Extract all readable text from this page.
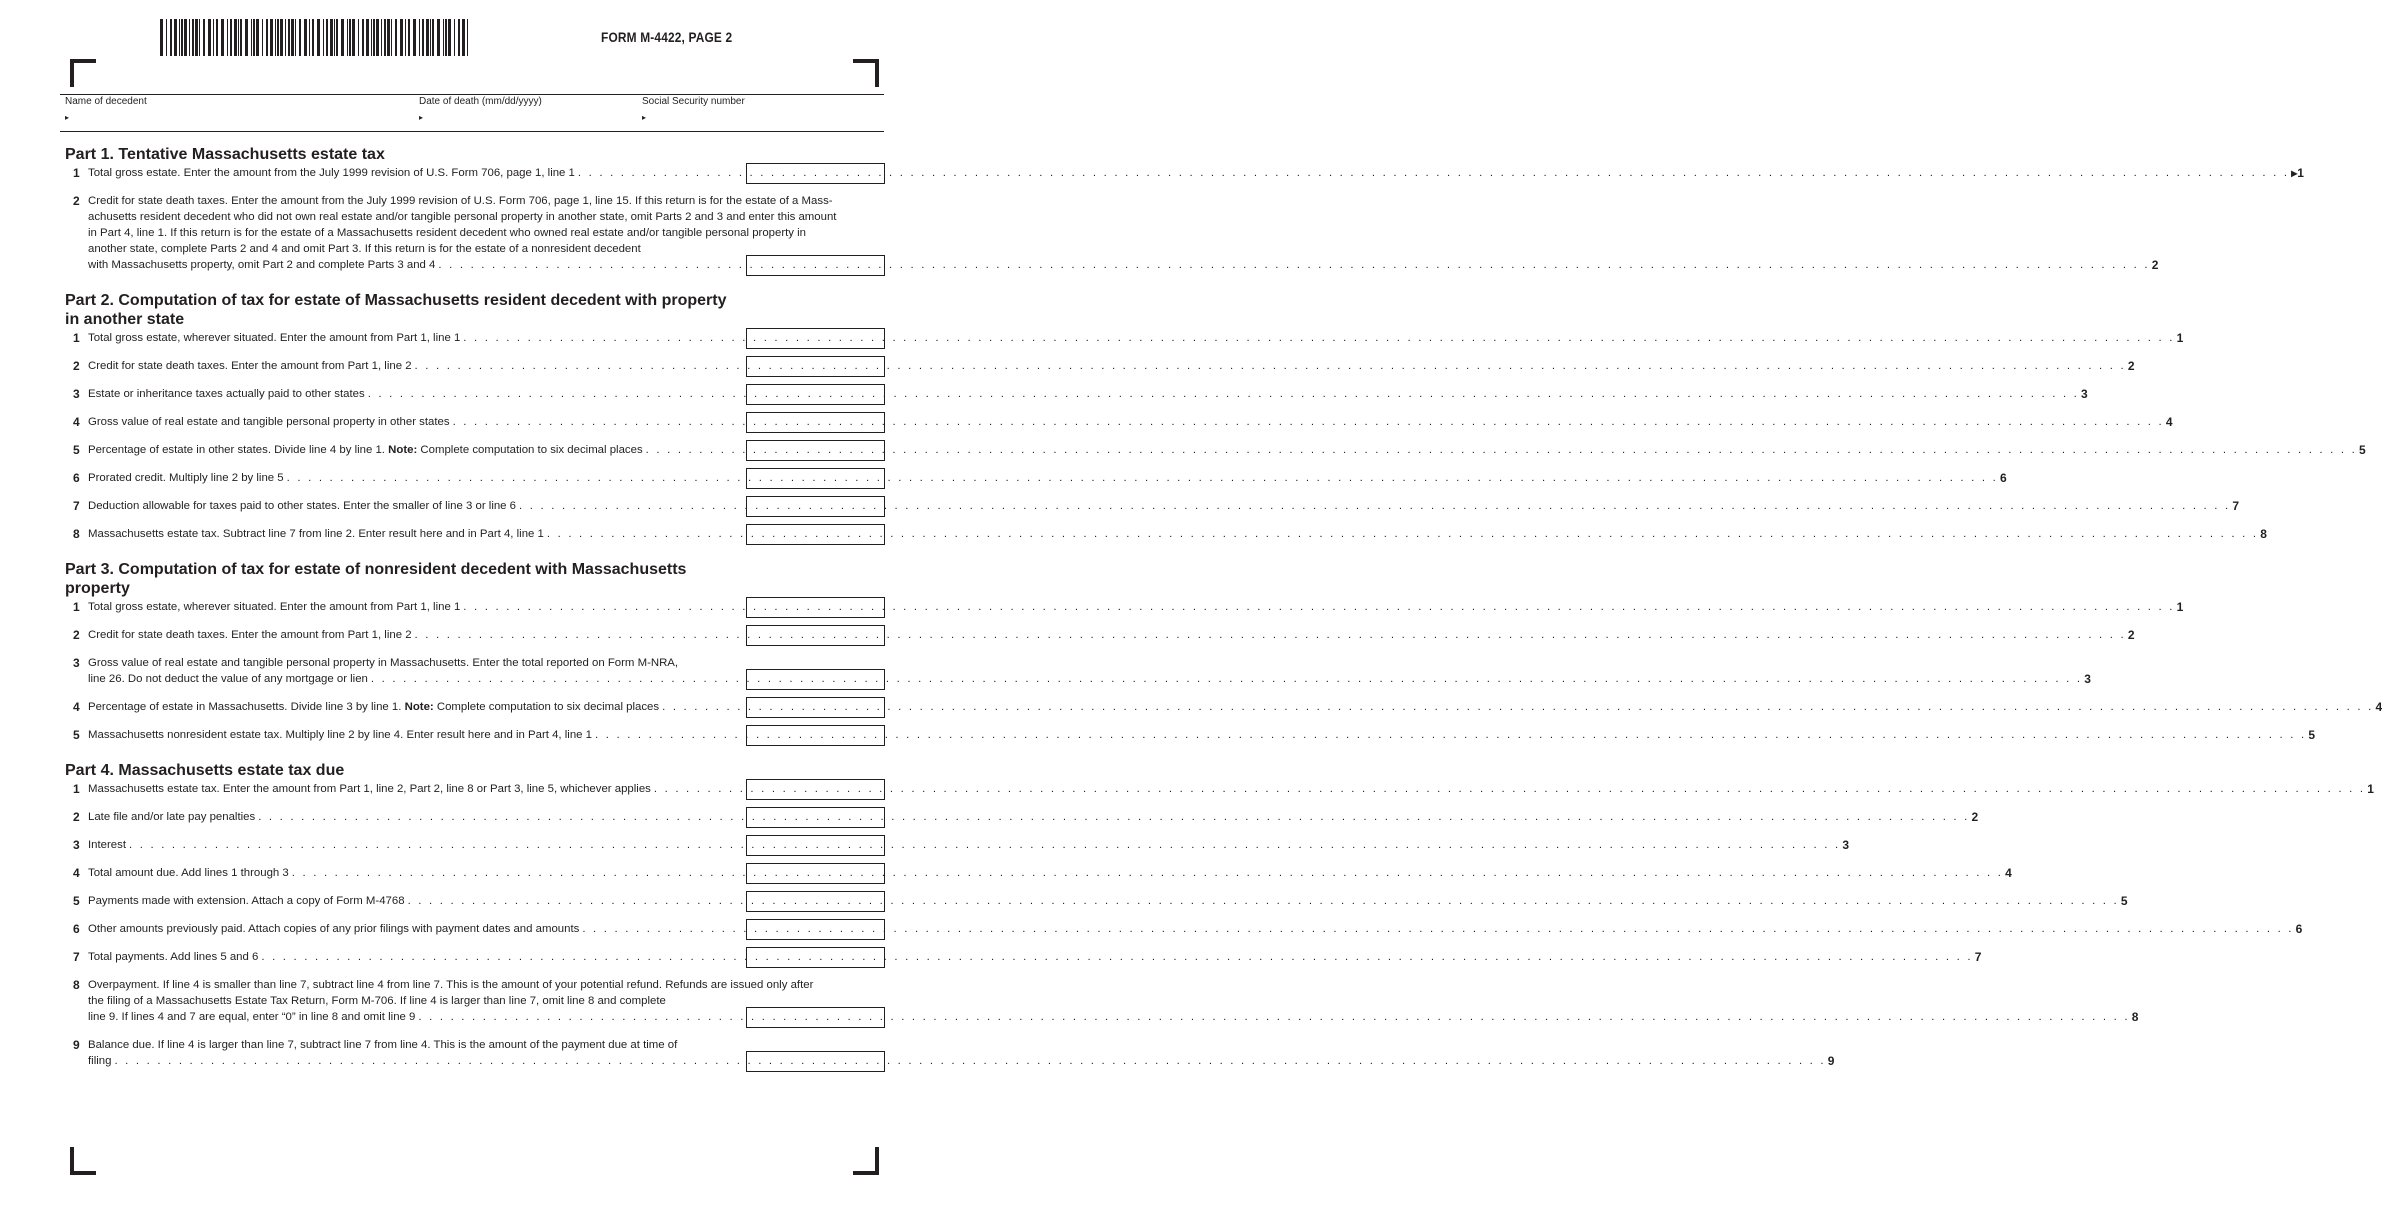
FORM M-4422, PAGE 2
Name of decedent
▸
Date of death (mm/dd/yyyy)
▸
Social Security number
▸
Part 1. Tentative Massachusetts estate tax
1 Total gross estate. Enter the amount from the July 1999 revision of U.S. Form 706, page 1, line 1 . . . . . . . . . . . . . . . . . . . . . . . . . . . . . . . . . . . . . . . . . . . . . . . . . . . . . . . . . . . . . . . . . . . . . . . . . . . . . . . . . . . . . . . . . . . . . . . . . . . . . . . . . . . . . . . . . . . . . . . . . . . . . . . . . . . . . . . . . . . . . . . . . . . . . . . . . . . . . . . . ▸1
2 Credit for state death taxes. Enter the amount from the July 1999 revision of U.S. Form 706, page 1, line 15. If this return is for the estate of a Mass-
achusetts resident decedent who did not own real estate and/or tangible personal property in another state, omit Parts 2 and 3 and enter this amount
in Part 4, line 1. If this return is for the estate of a Massachusetts resident decedent who owned real estate and/or tangible personal property in
another state, complete Parts 2 and 4 and omit Part 3. If this return is for the estate of a nonresident decedent
with Massachusetts property, omit Part 2 and complete Parts 3 and 4 . . . . . . . . . . . . . . . . . . . . . . . . . . . . . . . . . . . . . . . . . . . . . . . . . . . . . . . . . . . . . . . . . . . . . . . . . . . . . . . . . . . . . . . . . . . . . . . . . . . . . . . . . . . . . . . . . . . . . . . . . . . . . . . . . . . . . . . . . . . . . . . . . . . . . . . . . . . . . . . . 2
Part 2. Computation of tax for estate of Massachusetts resident decedent with property
in another state
1 Total gross estate, wherever situated. Enter the amount from Part 1, line 1 . . . . . . . . . . . . . . . . . . . . . . . . . . . . . . . . . . . . . . . . . . . . . . . . . . . . . . . . . . . . . . . . . . . . . . . . . . . . . . . . . . . . . . . . . . . . . . . . . . . . . . . . . . . . . . . . . . . . . . . . . . . . . . . . . . . . . . . . . . . . . . . . . . . . . . . . . . . . . . . . 1
2 Credit for state death taxes. Enter the amount from Part 1, line 2 . . . . . . . . . . . . . . . . . . . . . . . . . . . . . . . . . . . . . . . . . . . . . . . . . . . . . . . . . . . . . . . . . . . . . . . . . . . . . . . . . . . . . . . . . . . . . . . . . . . . . . . . . . . . . . . . . . . . . . . . . . . . . . . . . . . . . . . . . . . . . . . . . . . . . . . . . . . . . . . . 2
3 Estate or inheritance taxes actually paid to other states . . . . . . . . . . . . . . . . . . . . . . . . . . . . . . . . . . . . . . . . . . . . . . . . . . . . . . . . . . . . . . . . . . . . . . . . . . . . . . . . . . . . . . . . . . . . . . . . . . . . . . . . . . . . . . . . . . . . . . . . . . . . . . . . . . . . . . . . . . . . . . . . . . . . . . . . . . . . . . . . 3
4 Gross value of real estate and tangible personal property in other states . . . . . . . . . . . . . . . . . . . . . . . . . . . . . . . . . . . . . . . . . . . . . . . . . . . . . . . . . . . . . . . . . . . . . . . . . . . . . . . . . . . . . . . . . . . . . . . . . . . . . . . . . . . . . . . . . . . . . . . . . . . . . . . . . . . . . . . . . . . . . . . . . . . . . . . . . . . . . . . . 4
5 Percentage of estate in other states. Divide line 4 by line 1. Note: Complete computation to six decimal places . . . . . . . . . . . . . . . . . . . . . . . . . . . . . . . . . . . . . . . . . . . . . . . . . . . . . . . . . . . . . . . . . . . . . . . . . . . . . . . . . . . . . . . . . . . . . . . . . . . . . . . . . . . . . . . . . . . . . . . . . . . . . . . . . . . . . . . . . . . . . . . . . . . . . . . . . . . . . . . . 5
6 Prorated credit. Multiply line 2 by line 5 . . . . . . . . . . . . . . . . . . . . . . . . . . . . . . . . . . . . . . . . . . . . . . . . . . . . . . . . . . . . . . . . . . . . . . . . . . . . . . . . . . . . . . . . . . . . . . . . . . . . . . . . . . . . . . . . . . . . . . . . . . . . . . . . . . . . . . . . . . . . . . . . . . . . . . . . . . . . . . . . 6
7 Deduction allowable for taxes paid to other states. Enter the smaller of line 3 or line 6 . . . . . . . . . . . . . . . . . . . . . . . . . . . . . . . . . . . . . . . . . . . . . . . . . . . . . . . . . . . . . . . . . . . . . . . . . . . . . . . . . . . . . . . . . . . . . . . . . . . . . . . . . . . . . . . . . . . . . . . . . . . . . . . . . . . . . . . . . . . . . . . . . . . . . . . . . . . . . . . . 7
8 Massachusetts estate tax. Subtract line 7 from line 2. Enter result here and in Part 4, line 1 . . . . . . . . . . . . . . . . . . . . . . . . . . . . . . . . . . . . . . . . . . . . . . . . . . . . . . . . . . . . . . . . . . . . . . . . . . . . . . . . . . . . . . . . . . . . . . . . . . . . . . . . . . . . . . . . . . . . . . . . . . . . . . . . . . . . . . . . . . . . . . . . . . . . . . . . . . . . . . . . 8
Part 3. Computation of tax for estate of nonresident decedent with Massachusetts
property
1 Total gross estate, wherever situated. Enter the amount from Part 1, line 1 . . . . . . . . . . . . . . . . . . . . . . . . . . . . . . . . . . . . . . . . . . . . . . . . . . . . . . . . . . . . . . . . . . . . . . . . . . . . . . . . . . . . . . . . . . . . . . . . . . . . . . . . . . . . . . . . . . . . . . . . . . . . . . . . . . . . . . . . . . . . . . . . . . . . . . . . . . . . . . . . 1
2 Credit for state death taxes. Enter the amount from Part 1, line 2 . . . . . . . . . . . . . . . . . . . . . . . . . . . . . . . . . . . . . . . . . . . . . . . . . . . . . . . . . . . . . . . . . . . . . . . . . . . . . . . . . . . . . . . . . . . . . . . . . . . . . . . . . . . . . . . . . . . . . . . . . . . . . . . . . . . . . . . . . . . . . . . . . . . . . . . . . . . . . . . . 2
3 Gross value of real estate and tangible personal property in Massachusetts. Enter the total reported on Form M-NRA,
line 26. Do not deduct the value of any mortgage or lien . . . . . . . . . . . . . . . . . . . . . . . . . . . . . . . . . . . . . . . . . . . . . . . . . . . . . . . . . . . . . . . . . . . . . . . . . . . . . . . . . . . . . . . . . . . . . . . . . . . . . . . . . . . . . . . . . . . . . . . . . . . . . . . . . . . . . . . . . . . . . . . . . . . . . . . . . . . . . . . . 3
4 Percentage of estate in Massachusetts. Divide line 3 by line 1. Note: Complete computation to six decimal places . . . . . . . . . . . . . . . . . . . . . . . . . . . . . . . . . . . . . . . . . . . . . . . . . . . . . . . . . . . . . . . . . . . . . . . . . . . . . . . . . . . . . . . . . . . . . . . . . . . . . . . . . . . . . . . . . . . . . . . . . . . . . . . . . . . . . . . . . . . . . . . . . . . . . . . . . . . . . . . . 4
5 Massachusetts nonresident estate tax. Multiply line 2 by line 4. Enter result here and in Part 4, line 1 . . . . . . . . . . . . . . . . . . . . . . . . . . . . . . . . . . . . . . . . . . . . . . . . . . . . . . . . . . . . . . . . . . . . . . . . . . . . . . . . . . . . . . . . . . . . . . . . . . . . . . . . . . . . . . . . . . . . . . . . . . . . . . . . . . . . . . . . . . . . . . . . . . . . . . . . . . . . . . . . 5
Part 4. Massachusetts estate tax due
1 Massachusetts estate tax. Enter the amount from Part 1, line 2, Part 2, line 8 or Part 3, line 5, whichever applies . . . . . . . . . . . . . . . . . . . . . . . . . . . . . . . . . . . . . . . . . . . . . . . . . . . . . . . . . . . . . . . . . . . . . . . . . . . . . . . . . . . . . . . . . . . . . . . . . . . . . . . . . . . . . . . . . . . . . . . . . . . . . . . . . . . . . . . . . . . . . . . . . . . . . . . . . . . . . . . . 1
2 Late file and/or late pay penalties . . . . . . . . . . . . . . . . . . . . . . . . . . . . . . . . . . . . . . . . . . . . . . . . . . . . . . . . . . . . . . . . . . . . . . . . . . . . . . . . . . . . . . . . . . . . . . . . . . . . . . . . . . . . . . . . . . . . . . . . . . . . . . . . . . . . . . . . . . . . . . . . . . . . . . . . . . . . . . . . 2
3 Interest . . . . . . . . . . . . . . . . . . . . . . . . . . . . . . . . . . . . . . . . . . . . . . . . . . . . . . . . . . . . . . . . . . . . . . . . . . . . . . . . . . . . . . . . . . . . . . . . . . . . . . . . . . . . . . . . . . . . . . . . . . . . . . . . . . . . . . . . . . . . . . . . . . . . . . . . . . . . . . . . 3
4 Total amount due. Add lines 1 through 3 . . . . . . . . . . . . . . . . . . . . . . . . . . . . . . . . . . . . . . . . . . . . . . . . . . . . . . . . . . . . . . . . . . . . . . . . . . . . . . . . . . . . . . . . . . . . . . . . . . . . . . . . . . . . . . . . . . . . . . . . . . . . . . . . . . . . . . . . . . . . . . . . . . . . . . . . . . . . . . . . 4
5 Payments made with extension. Attach a copy of Form M-4768 . . . . . . . . . . . . . . . . . . . . . . . . . . . . . . . . . . . . . . . . . . . . . . . . . . . . . . . . . . . . . . . . . . . . . . . . . . . . . . . . . . . . . . . . . . . . . . . . . . . . . . . . . . . . . . . . . . . . . . . . . . . . . . . . . . . . . . . . . . . . . . . . . . . . . . . . . . . . . . . . 5
6 Other amounts previously paid. Attach copies of any prior filings with payment dates and amounts . . . . . . . . . . . . . . . . . . . . . . . . . . . . . . . . . . . . . . . . . . . . . . . . . . . . . . . . . . . . . . . . . . . . . . . . . . . . . . . . . . . . . . . . . . . . . . . . . . . . . . . . . . . . . . . . . . . . . . . . . . . . . . . . . . . . . . . . . . . . . . . . . . . . . . . . . . . . . . . . 6
7 Total payments. Add lines 5 and 6 . . . . . . . . . . . . . . . . . . . . . . . . . . . . . . . . . . . . . . . . . . . . . . . . . . . . . . . . . . . . . . . . . . . . . . . . . . . . . . . . . . . . . . . . . . . . . . . . . . . . . . . . . . . . . . . . . . . . . . . . . . . . . . . . . . . . . . . . . . . . . . . . . . . . . . . . . . . . . . . . 7
8 Overpayment. If line 4 is smaller than line 7, subtract line 4 from line 7. This is the amount of your potential refund. Refunds are issued only after
the filing of a Massachusetts Estate Tax Return, Form M-706. If line 4 is larger than line 7, omit line 8 and complete
line 9. If lines 4 and 7 are equal, enter “0” in line 8 and omit line 9 . . . . . . . . . . . . . . . . . . . . . . . . . . . . . . . . . . . . . . . . . . . . . . . . . . . . . . . . . . . . . . . . . . . . . . . . . . . . . . . . . . . . . . . . . . . . . . . . . . . . . . . . . . . . . . . . . . . . . . . . . . . . . . . . . . . . . . . . . . . . . . . . . . . . . . . . . . . . . . . . 8
9 Balance due. If line 4 is larger than line 7, subtract line 7 from line 4. This is the amount of the payment due at time of
filing . . . . . . . . . . . . . . . . . . . . . . . . . . . . . . . . . . . . . . . . . . . . . . . . . . . . . . . . . . . . . . . . . . . . . . . . . . . . . . . . . . . . . . . . . . . . . . . . . . . . . . . . . . . . . . . . . . . . . . . . . . . . . . . . . . . . . . . . . . . . . . . . . . . . . . . . . . . . . . . . 9
